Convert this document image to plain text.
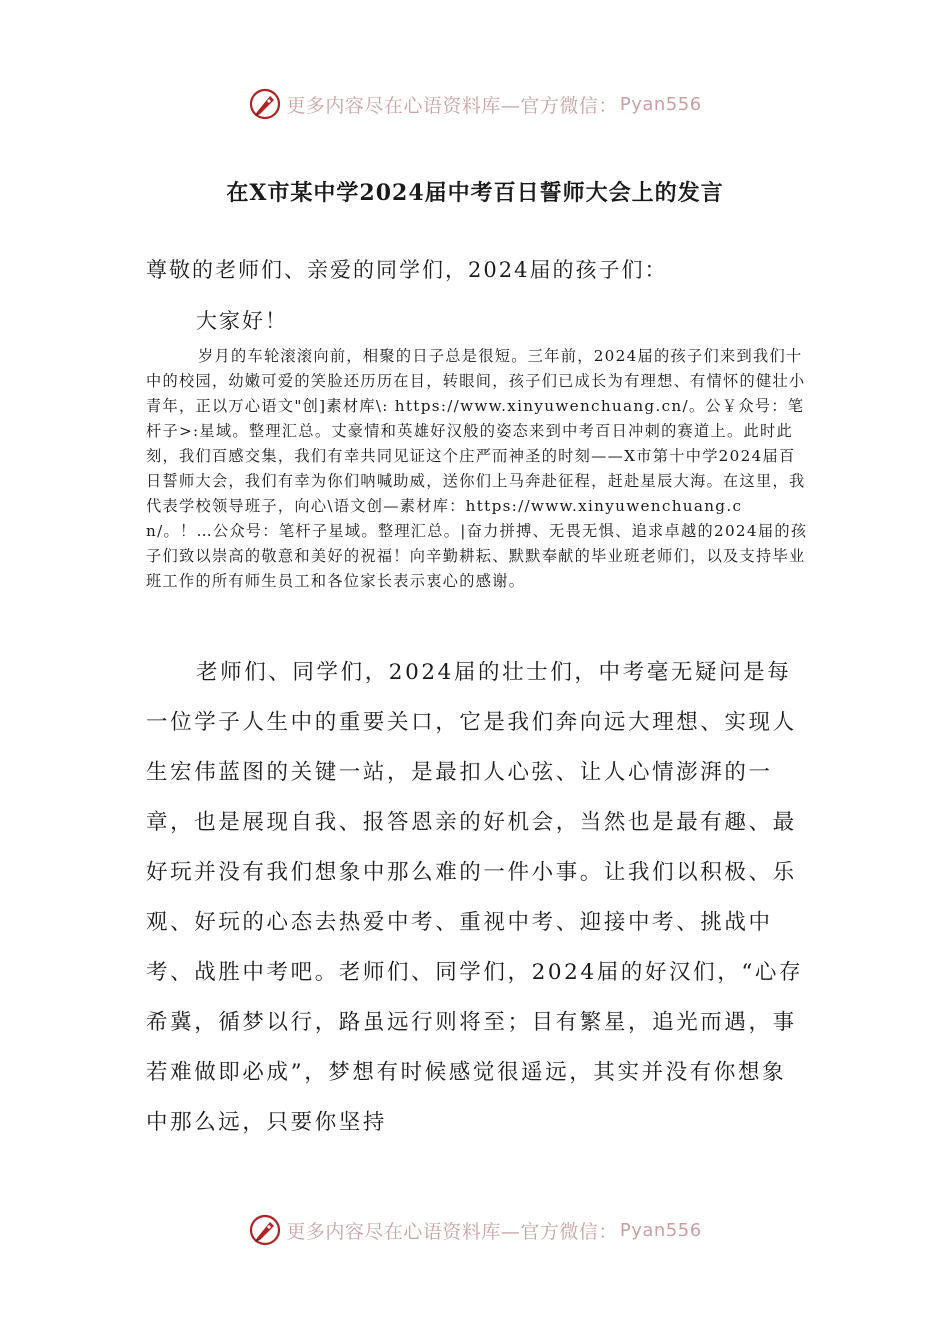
更多内容尽在心语资料库—官方微信： Pyan556
在X市某中学2024届中考百日誓师大会上的发言
尊敬的老师们、亲爱的同学们，2024届的孩子们：
大家好！

岁月的车轮滚滚向前，相聚的日子总是很短。三年前，2024届的孩子们来到我们十中的校园，幼嫩可爱的笑脸还历历在目，转眼间，孩子们已成长为有理想、有情怀的健壮小青年，正以万心语文"创]素材库\: https://www.xinyuwenchuang.cn/。公￥众号：笔杆子>:星域。整理汇总。丈豪情和英雄好汉般的姿态来到中考百日冲刺的赛道上。此时此刻，我们百感交集，我们有幸共同见证这个庄严而神圣的时刻——X市第十中学2024届百日誓师大会，我们有幸为你们呐喊助威，送你们上马奔赴征程，赶赴星辰大海。在这里，我代表学校领导班子，向心\语文创—素材库：https://www.xinyuwenchuang.cn/。！…公众号：笔杆子星域。整理汇总。|奋力拼搏、无畏无惧、追求卓越的2024届的孩子们致以崇高的敬意和美好的祝福！向辛勤耕耘、默默奉献的毕业班老师们，以及支持毕业班工作的所有师生员工和各位家长表示衷心的感谢。

老师们、同学们，2024届的壮士们，中考毫无疑问是每一位学子人生中的重要关口，它是我们奔向远大理想、实现人生宏伟蓝图的关键一站，是最扣人心弦、让人心情澎湃的一章，也是展现自我、报答恩亲的好机会，当然也是最有趣、最好玩并没有我们想象中那么难的一件小事。让我们以积极、乐观、好玩的心态去热爱中考、重视中考、迎接中考、挑战中考、战胜中考吧。老师们、同学们，2024届的好汉们，“心存希冀，循梦以行，路虽远行则将至；目有繁星，追光而遇，事若难做即必成”，梦想有时候感觉很遥远，其实并没有你想象中那么远，只要你坚持

更多内容尽在心语资料库—官方微信： Pyan556
